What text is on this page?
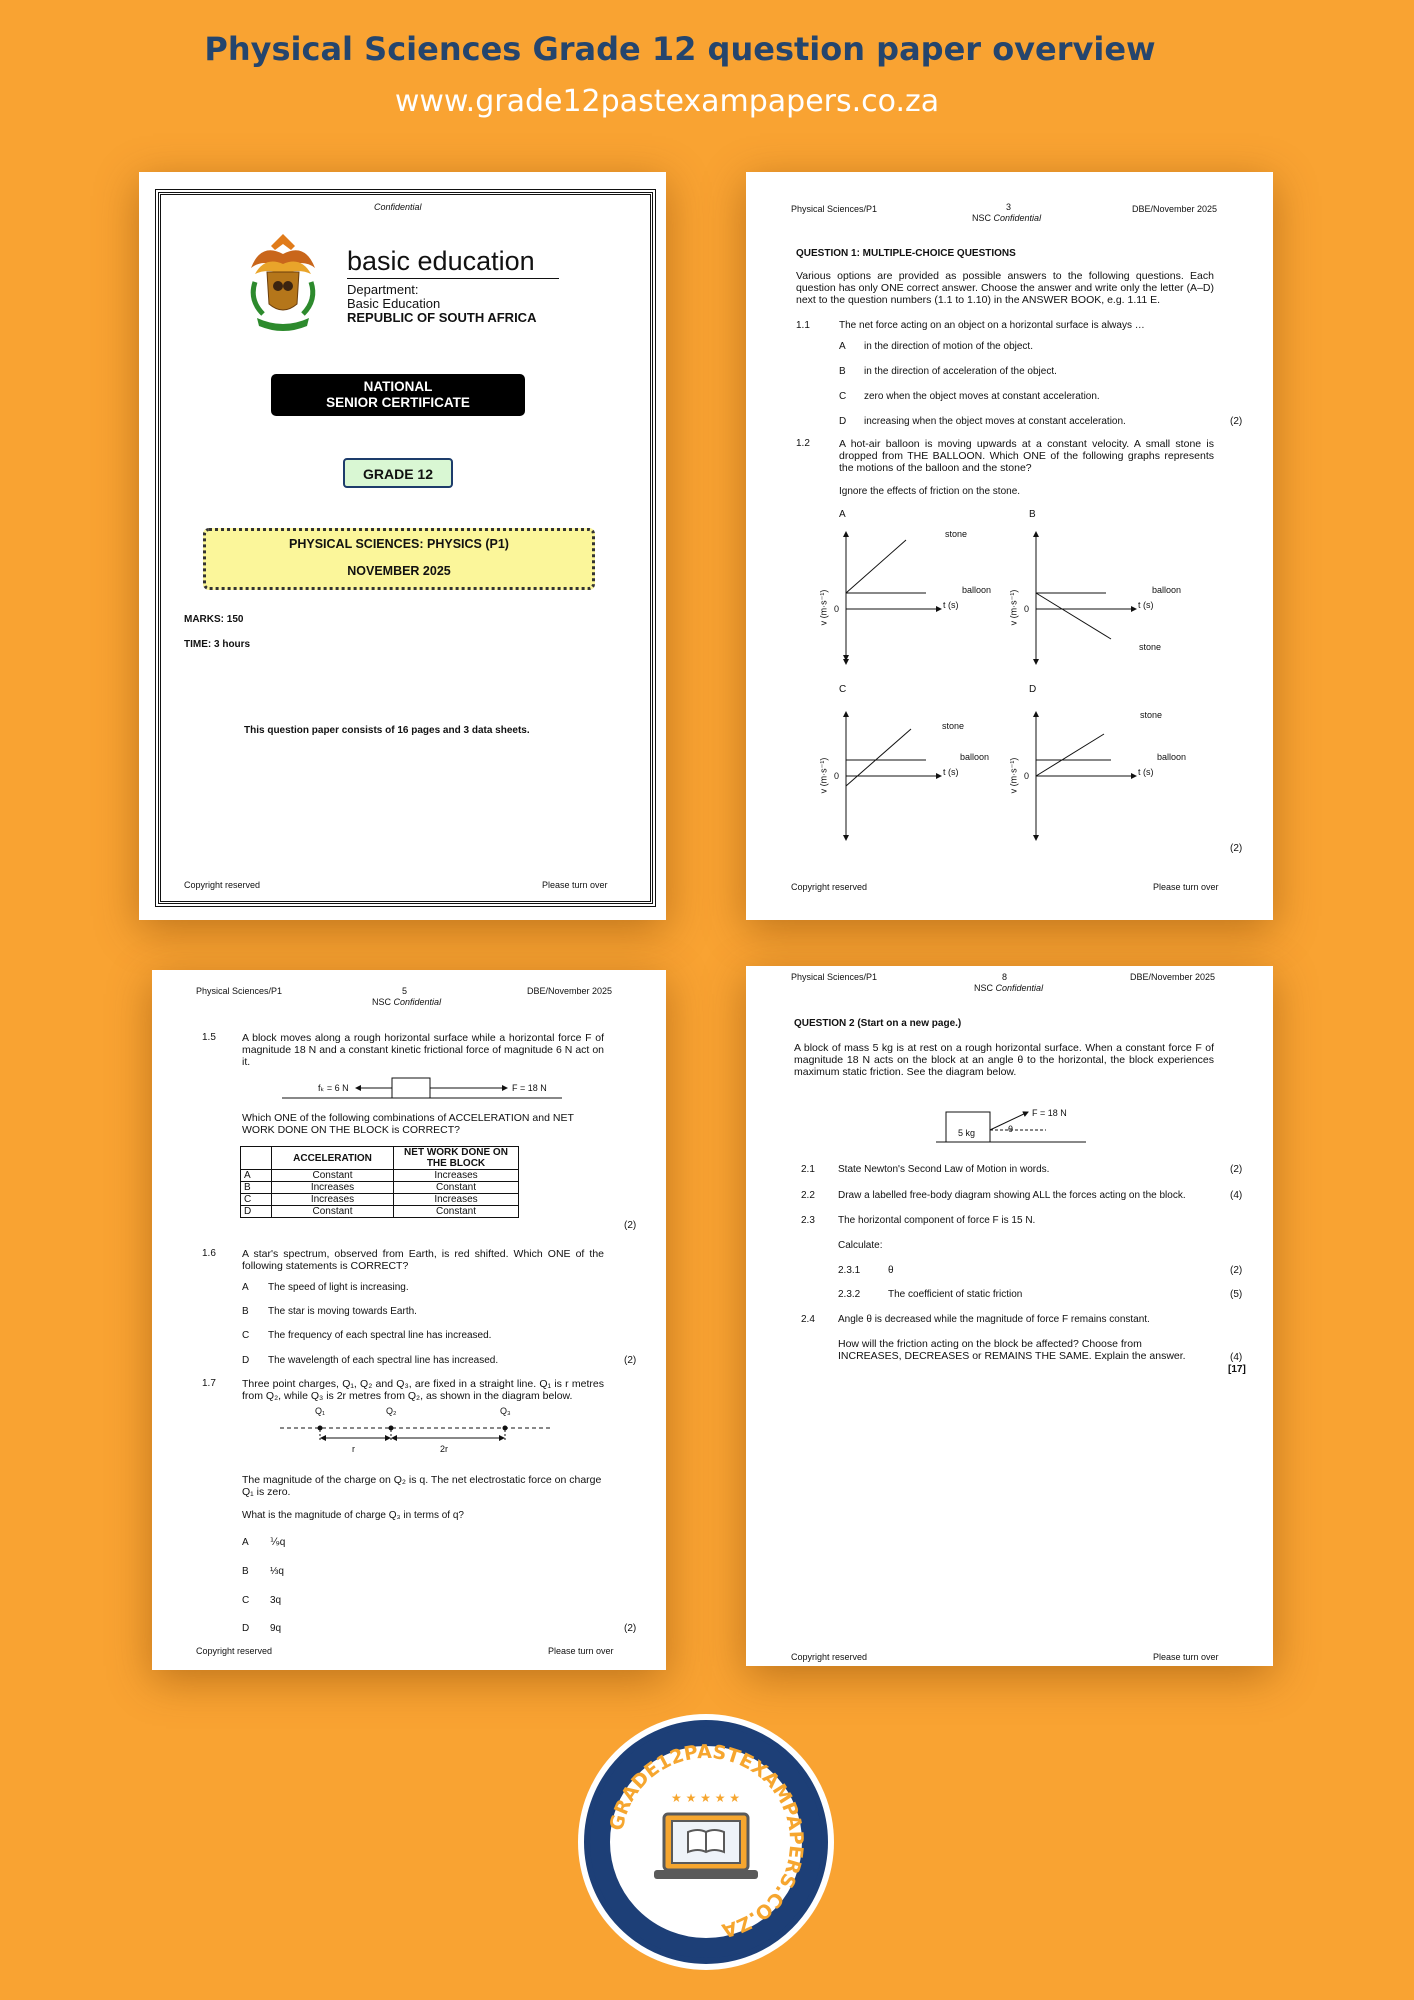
Physical Sciences Grade 12 question paper overview
www.grade12pastexampapers.co.za
Confidential
basic education
Department:
Basic Education
REPUBLIC OF SOUTH AFRICA
NATIONAL
SENIOR CERTIFICATE
GRADE 12
PHYSICAL SCIENCES: PHYSICS (P1)
NOVEMBER 2025
MARKS: 150
TIME: 3 hours
This question paper consists of 16 pages and 3 data sheets.
Copyright reserved	Please turn over
Physical Sciences/P1	3
NSC Confidential
DBE/November 2025
QUESTION 1: MULTIPLE-CHOICE QUESTIONS
Various options are provided as possible answers to the following questions. Each question has only ONE correct answer. Choose the answer and write only the letter (A–D) next to the question numbers (1.1 to 1.10) in the ANSWER BOOK, e.g. 1.11 E.
1.1	The net force acting on an object on a horizontal surface is always …
A in the direction of motion of the object.
B in the direction of acceleration of the object.
C zero when the object moves at constant acceleration.
D increasing when the object moves at constant acceleration.	(2)
1.2	A hot-air balloon is moving upwards at a constant velocity. A small stone is dropped from THE BALLOON. Which ONE of the following graphs represents the motions of the balloon and the stone?
Ignore the effects of friction on the stone.
A	B
C	D
stone
balloon
t (s)
0
v (m·s⁻¹)	balloon
t (s)
0
v (m·s⁻¹)
stone
stone
balloon
t (s)
0
v (m·s⁻¹)
stone
balloon
t (s)
0
v (m·s⁻¹)
(2)
Copyright reserved	Please turn over
Physical Sciences/P1	5
NSC Confidential
DBE/November 2025
1.5 A block moves along a rough horizontal surface while a horizontal force F of magnitude 18 N and a constant kinetic frictional force of magnitude 6 N act on it.
fₖ = 6 N	F = 18 N
Which ONE of the following combinations of ACCELERATION and NET WORK DONE ON THE BLOCK is CORRECT?
	ACCELERATION	NET WORK DONE ON THE BLOCK
A	Constant	Increases
B	Increases	Constant
C	Increases	Increases
D	Constant	Constant
(2)
1.6 A star's spectrum, observed from Earth, is red shifted. Which ONE of the following statements is CORRECT?
A The speed of light is increasing.
B The star is moving towards Earth.
C The frequency of each spectral line has increased.
D The wavelength of each spectral line has increased.	(2)
1.7 Three point charges, Q₁, Q₂ and Q₃, are fixed in a straight line. Q₁ is r metres from Q₂, while Q₃ is 2r metres from Q₂, as shown in the diagram below.
Q₁	Q₂	Q₃
r	2r
The magnitude of the charge on Q₂ is q. The net electrostatic force on charge Q₁ is zero.
What is the magnitude of charge Q₃ in terms of q?
A ⅑q
B ⅓q
C 3q
D 9q	(2)
Copyright reserved	Please turn over
Physical Sciences/P1	8
NSC Confidential
DBE/November 2025
QUESTION 2 (Start on a new page.)
A block of mass 5 kg is at rest on a rough horizontal surface. When a constant force F of magnitude 18 N acts on the block at an angle θ to the horizontal, the block experiences maximum static friction. See the diagram below.
5 kg
F = 18 N
θ
2.1 State Newton's Second Law of Motion in words.	(2)
2.2 Draw a labelled free-body diagram showing ALL the forces acting on the block.	(4)
2.3 The horizontal component of force F is 15 N.
Calculate:
2.3.1	θ	(2)
2.3.2	The coefficient of static friction	(5)
2.4 Angle θ is decreased while the magnitude of force F remains constant.
How will the friction acting on the block be affected? Choose from INCREASES, DECREASES or REMAINS THE SAME. Explain the answer.	(4)
[17]
Copyright reserved	Please turn over
GRADE12PASTEXAMPAPERS.CO.ZA
★ ★ ★ ★ ★
